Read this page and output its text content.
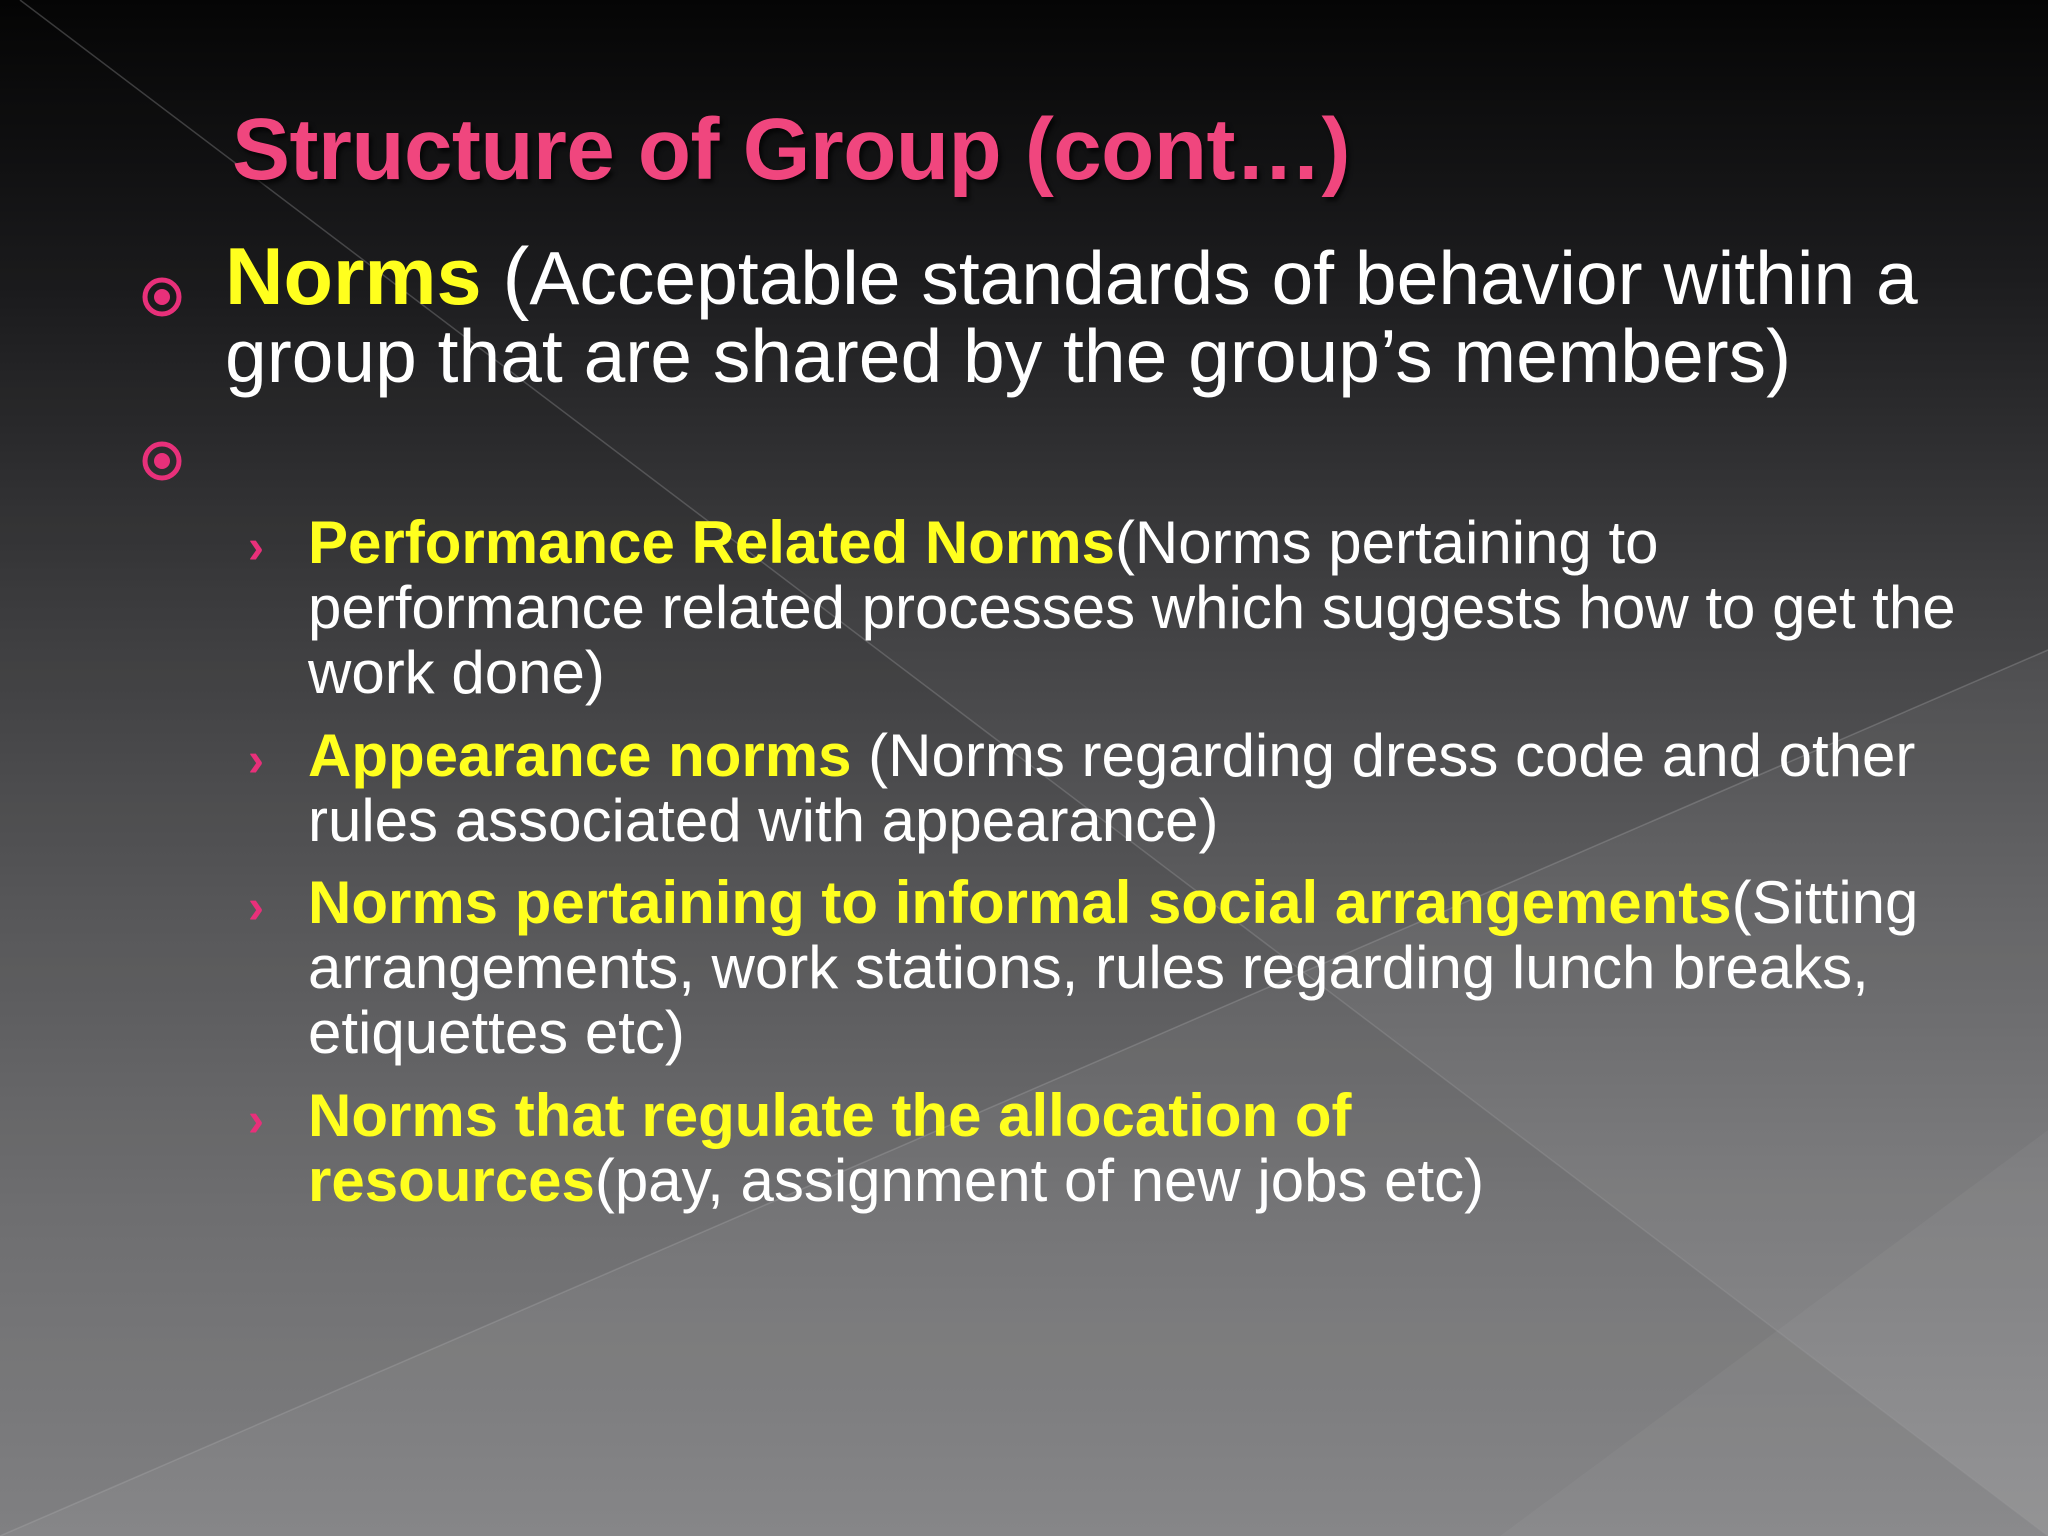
Structure of Group (cont…)
Norms (Acceptable standards of behavior within a group that are shared by the group’s members)
› Performance Related Norms(Norms pertaining to performance related processes which suggests how to get the work done)
› Appearance norms (Norms regarding dress code and other rules associated with appearance)
› Norms pertaining to informal social arrangements(Sitting arrangements, work stations, rules regarding lunch breaks, etiquettes etc)
› Norms that regulate the allocation of resources(pay, assignment of new jobs etc)
